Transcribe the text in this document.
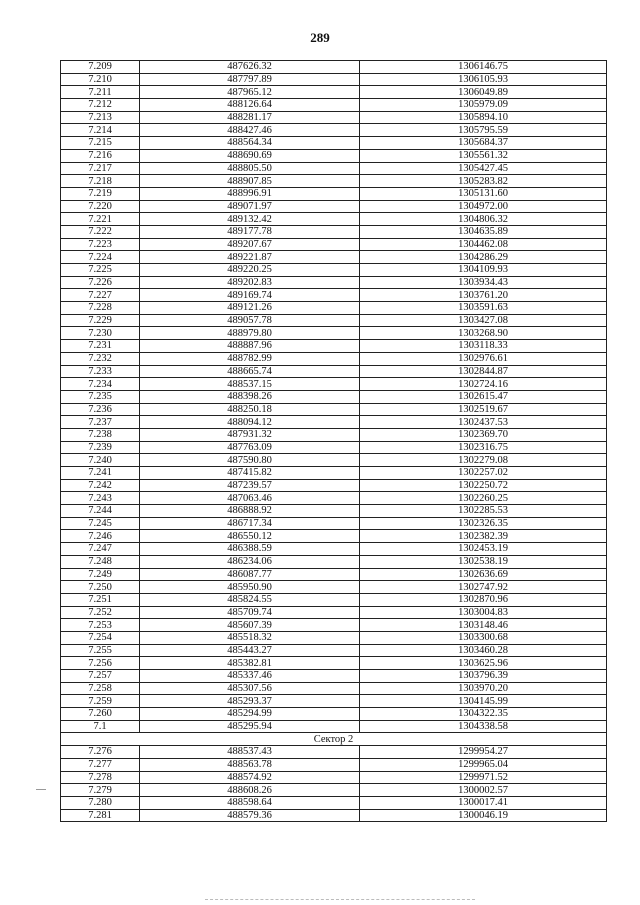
289
7.209	487626.32	1306146.75
7.210	487797.89	1306105.93
7.211	487965.12	1306049.89
7.212	488126.64	1305979.09
7.213	488281.17	1305894.10
7.214	488427.46	1305795.59
7.215	488564.34	1305684.37
7.216	488690.69	1305561.32
7.217	488805.50	1305427.45
7.218	488907.85	1305283.82
7.219	488996.91	1305131.60
7.220	489071.97	1304972.00
7.221	489132.42	1304806.32
7.222	489177.78	1304635.89
7.223	489207.67	1304462.08
7.224	489221.87	1304286.29
7.225	489220.25	1304109.93
7.226	489202.83	1303934.43
7.227	489169.74	1303761.20
7.228	489121.26	1303591.63
7.229	489057.78	1303427.08
7.230	488979.80	1303268.90
7.231	488887.96	1303118.33
7.232	488782.99	1302976.61
7.233	488665.74	1302844.87
7.234	488537.15	1302724.16
7.235	488398.26	1302615.47
7.236	488250.18	1302519.67
7.237	488094.12	1302437.53
7.238	487931.32	1302369.70
7.239	487763.09	1302316.75
7.240	487590.80	1302279.08
7.241	487415.82	1302257.02
7.242	487239.57	1302250.72
7.243	487063.46	1302260.25
7.244	486888.92	1302285.53
7.245	486717.34	1302326.35
7.246	486550.12	1302382.39
7.247	486388.59	1302453.19
7.248	486234.06	1302538.19
7.249	486087.77	1302636.69
7.250	485950.90	1302747.92
7.251	485824.55	1302870.96
7.252	485709.74	1303004.83
7.253	485607.39	1303148.46
7.254	485518.32	1303300.68
7.255	485443.27	1303460.28
7.256	485382.81	1303625.96
7.257	485337.46	1303796.39
7.258	485307.56	1303970.20
7.259	485293.37	1304145.99
7.260	485294.99	1304322.35
7.1	485295.94	1304338.58
Сектор 2		
7.276	488537.43	1299954.27
7.277	488563.78	1299965.04
7.278	488574.92	1299971.52
7.279	488608.26	1300002.57
7.280	488598.64	1300017.41
7.281	488579.36	1300046.19
